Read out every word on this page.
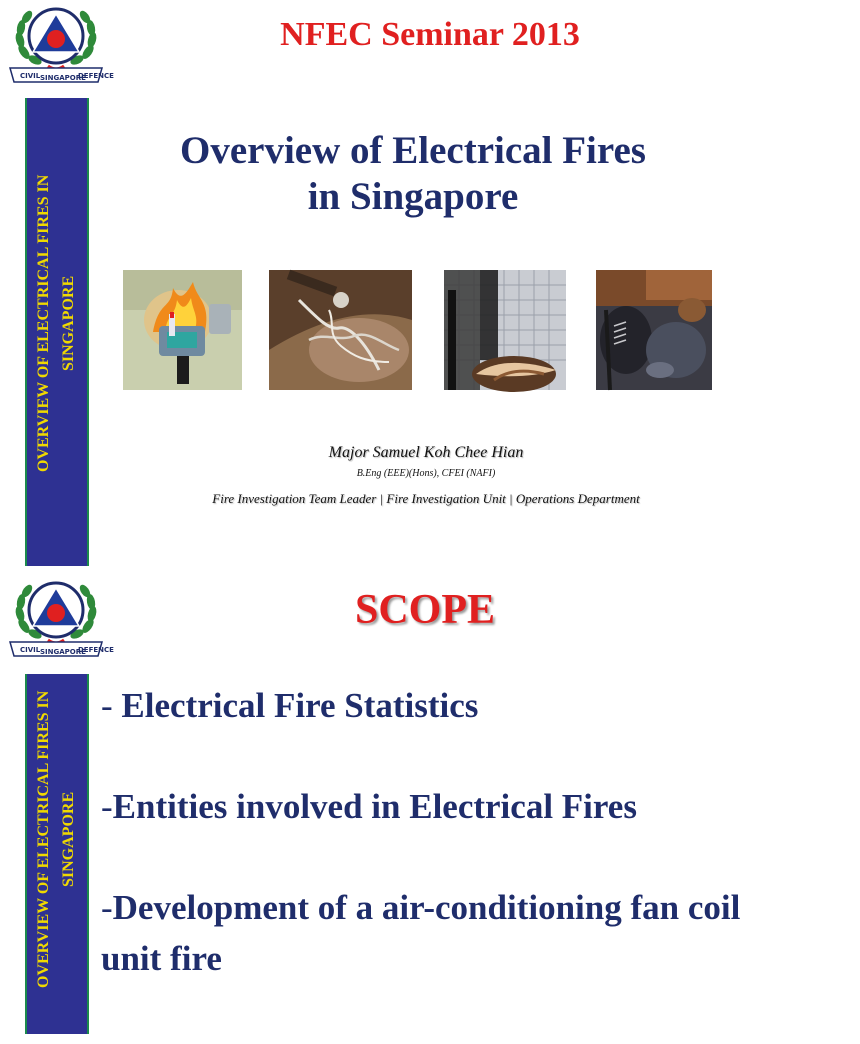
CIVIL SINGAPORE
DEFENCE
OVERVIEW OF ELECTRICAL FIRES IN SINGAPORE
NFEC Seminar 2013
Overview of Electrical Fires
in Singapore

Major Samuel Koh Chee Hian

B.Eng (EEE)(Hons), CFEI (NAFI)

Fire Investigation Team Leader | Fire Investigation Unit | Operations Department

CIVIL SINGAPORE
DEFENCE
OVERVIEW OF ELECTRICAL FIRES IN SINGAPORE
SCOPE
- Electrical Fire Statistics
-Entities involved in Electrical Fires
-Development of a air-conditioning fan coil unit fire
